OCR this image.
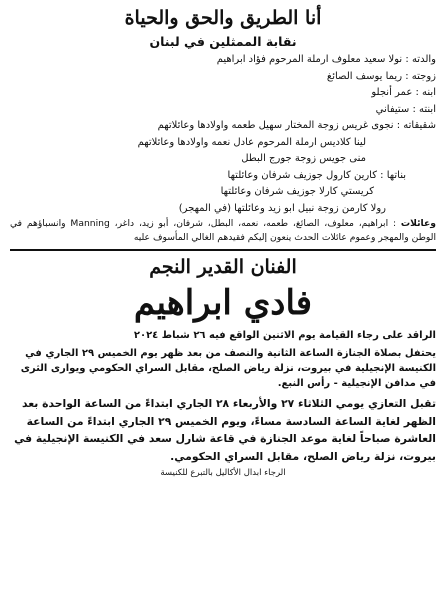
أنا الطريق والحق والحياة
نقابة الممثلين في لبنان
والدته : نولا سعيد معلوف ارملة المرحوم فؤاد ابراهيم
زوجته : ريما يوسف الصائغ
ابنه : عمر أنجلو
ابنته : ستيفاني
شقيقاته : نجوى غريس زوجة المختار سهيل طعمه واولادها وعائلاتهم
لينا كلاديس ارملة المرحوم عادل نعمه واولادها وعائلاتهم
منى جويس زوجة جورج البطل
بناتها : كارين كارول جوزيف شرفان وعائلتها
كريستي كارلا جوزيف شرفان وعائلتها
رولا كارمن زوجة نبيل ابو زيد وعائلتها (في المهجر)
وعائلات : ابراهيم، معلوف، الصائغ، طعمه، نعمه، البطل، شرفان، أبو زيد، داغر، Manning وانسباؤهم في الوطن والمهجر وعموم عائلات الحدث ينعون إليكم فقيدهم الغالي المأسوف عليه
الفنان القدير النجم
فادي ابراهيم
الراقد على رجاء القيامة يوم الاثنين الواقع فيه ٢٦ شباط ٢٠٢٤
يحتفل بصلاة الجنازة الساعة الثانية والنصف من بعد ظهر يوم الخميس ٢٩ الجاري في الكنيسة الإنجيلية في بيروت، نزلة رياض الصلح، مقابل السراي الحكومي ويوارى الثرى في مدافن الإنجيلية - رأس النبع.
تقبل التعازي يومي الثلاثاء ٢٧ والأربعاء ٢٨ الجاري ابتداءً من الساعة الواحدة بعد الظهر لغاية الساعة السادسة مساءً، ويوم الخميس ٢٩ الجاري ابتداءً من الساعة العاشرة صباحاً لغاية موعد الجنازة في قاعة شارل سعد في الكنيسة الإنجيلية في بيروت، نزلة رياض الصلح، مقابل السراي الحكومي.
الرجاء ابدال الأكاليل بالتبرع للكنيسة
